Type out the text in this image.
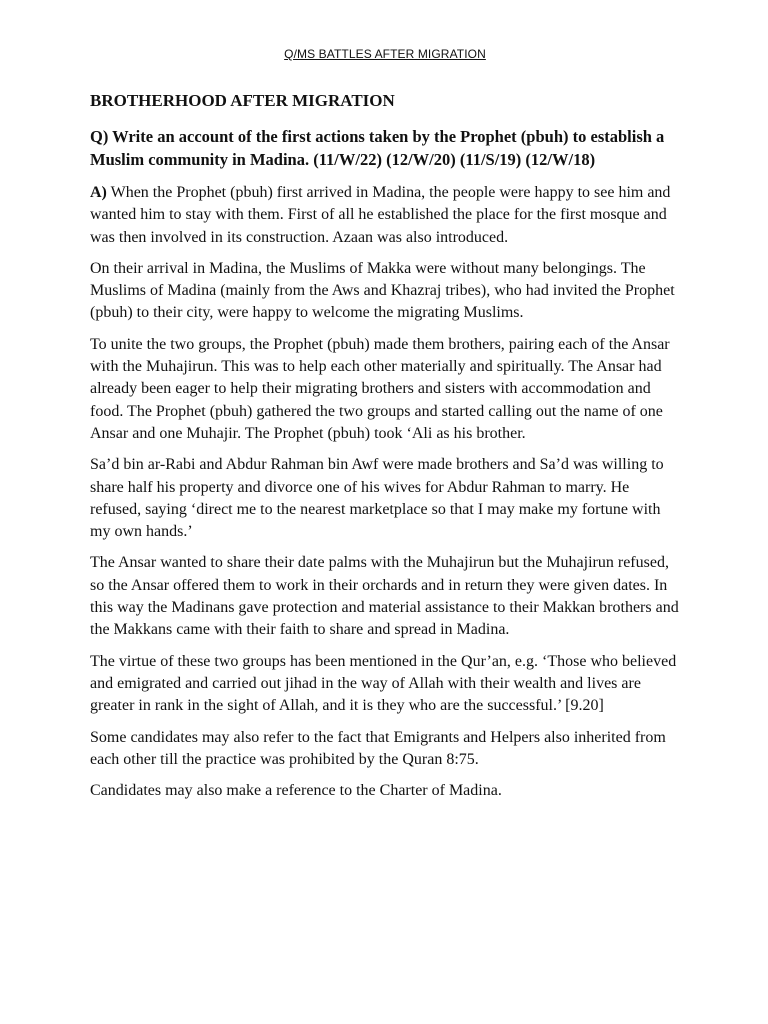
Q/MS BATTLES AFTER MIGRATION
BROTHERHOOD AFTER MIGRATION
Q) Write an account of the first actions taken by the Prophet (pbuh) to establish a Muslim community in Madina. (11/W/22) (12/W/20) (11/S/19) (12/W/18)

A) When the Prophet (pbuh) first arrived in Madina, the people were happy to see him and wanted him to stay with them. First of all he established the place for the first mosque and was then involved in its construction. Azaan was also introduced.

On their arrival in Madina, the Muslims of Makka were without many belongings. The Muslims of Madina (mainly from the Aws and Khazraj tribes), who had invited the Prophet (pbuh) to their city, were happy to welcome the migrating Muslims.

To unite the two groups, the Prophet (pbuh) made them brothers, pairing each of the Ansar with the Muhajirun. This was to help each other materially and spiritually. The Ansar had already been eager to help their migrating brothers and sisters with accommodation and food. The Prophet (pbuh) gathered the two groups and started calling out the name of one Ansar and one Muhajir. The Prophet (pbuh) took ‘Ali as his brother.

Sa’d bin ar-Rabi and Abdur Rahman bin Awf were made brothers and Sa’d was willing to share half his property and divorce one of his wives for Abdur Rahman to marry. He refused, saying ‘direct me to the nearest marketplace so that I may make my fortune with my own hands.’

The Ansar wanted to share their date palms with the Muhajirun but the Muhajirun refused, so the Ansar offered them to work in their orchards and in return they were given dates. In this way the Madinans gave protection and material assistance to their Makkan brothers and the Makkans came with their faith to share and spread in Madina.

The virtue of these two groups has been mentioned in the Qur’an, e.g. ‘Those who believed and emigrated and carried out jihad in the way of Allah with their wealth and lives are greater in rank in the sight of Allah, and it is they who are the successful.’ [9.20]

Some candidates may also refer to the fact that Emigrants and Helpers also inherited from each other till the practice was prohibited by the Quran 8:75.

Candidates may also make a reference to the Charter of Madina.
